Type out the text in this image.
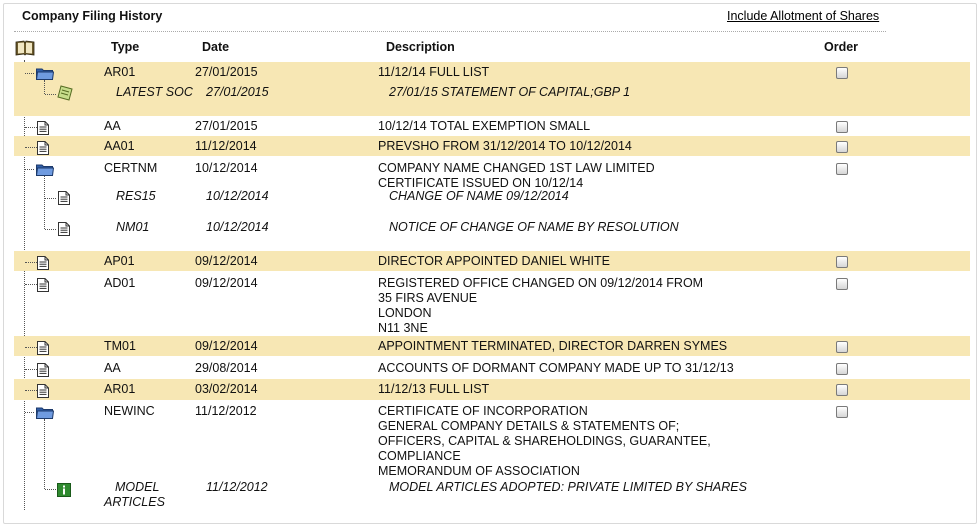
Company Filing History	Include Allotment of Shares
Type	Date	Description	Order
AR01	27/01/2015	11/12/14 FULL LIST
LATEST SOC 27/01/2015	27/01/15 STATEMENT OF CAPITAL;GBP 1
AA	27/01/2015	10/12/14 TOTAL EXEMPTION SMALL
AA01	11/12/2014	PREVSHO FROM 31/12/2014 TO 10/12/2014
CERTNM	10/12/2014	COMPANY NAME CHANGED 1ST LAW LIMITED
CERTIFICATE ISSUED ON 10/12/14
RES15	10/12/2014	CHANGE OF NAME 09/12/2014
NM01	10/12/2014	NOTICE OF CHANGE OF NAME BY RESOLUTION
AP01	09/12/2014	DIRECTOR APPOINTED DANIEL WHITE
AD01	09/12/2014	REGISTERED OFFICE CHANGED ON 09/12/2014 FROM
35 FIRS AVENUE
LONDON
N11 3NE
TM01	09/12/2014	APPOINTMENT TERMINATED, DIRECTOR DARREN SYMES
AA	29/08/2014	ACCOUNTS OF DORMANT COMPANY MADE UP TO 31/12/13
AR01	03/02/2014	11/12/13 FULL LIST
NEWINC	11/12/2012	CERTIFICATE OF INCORPORATION
GENERAL COMPANY DETAILS & STATEMENTS OF;
OFFICERS, CAPITAL & SHAREHOLDINGS, GUARANTEE,
COMPLIANCE
MEMORANDUM OF ASSOCIATION
MODEL
ARTICLES
11/12/2012	MODEL ARTICLES ADOPTED: PRIVATE LIMITED BY SHARES
